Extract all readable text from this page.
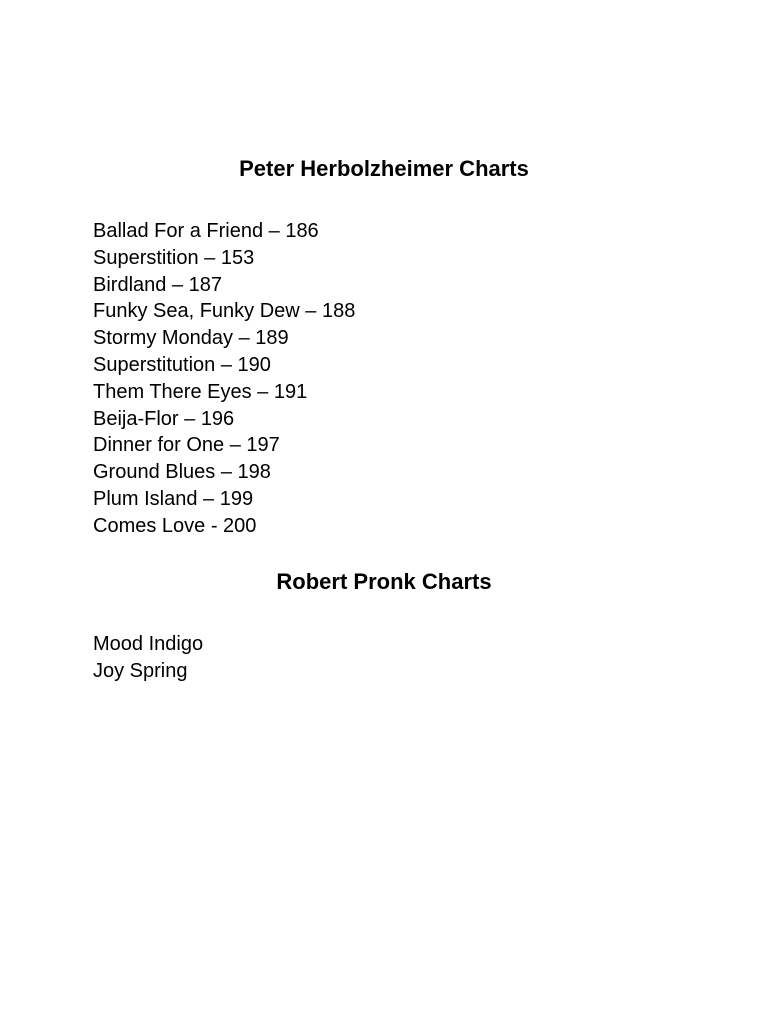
Peter Herbolzheimer Charts
Ballad For a Friend – 186
Superstition – 153
Birdland – 187
Funky Sea, Funky Dew – 188
Stormy Monday – 189
Superstitution – 190
Them There Eyes – 191
Beija-Flor – 196
Dinner for One – 197
Ground Blues – 198
Plum Island – 199
Comes Love - 200
Robert Pronk Charts
Mood Indigo
Joy Spring
